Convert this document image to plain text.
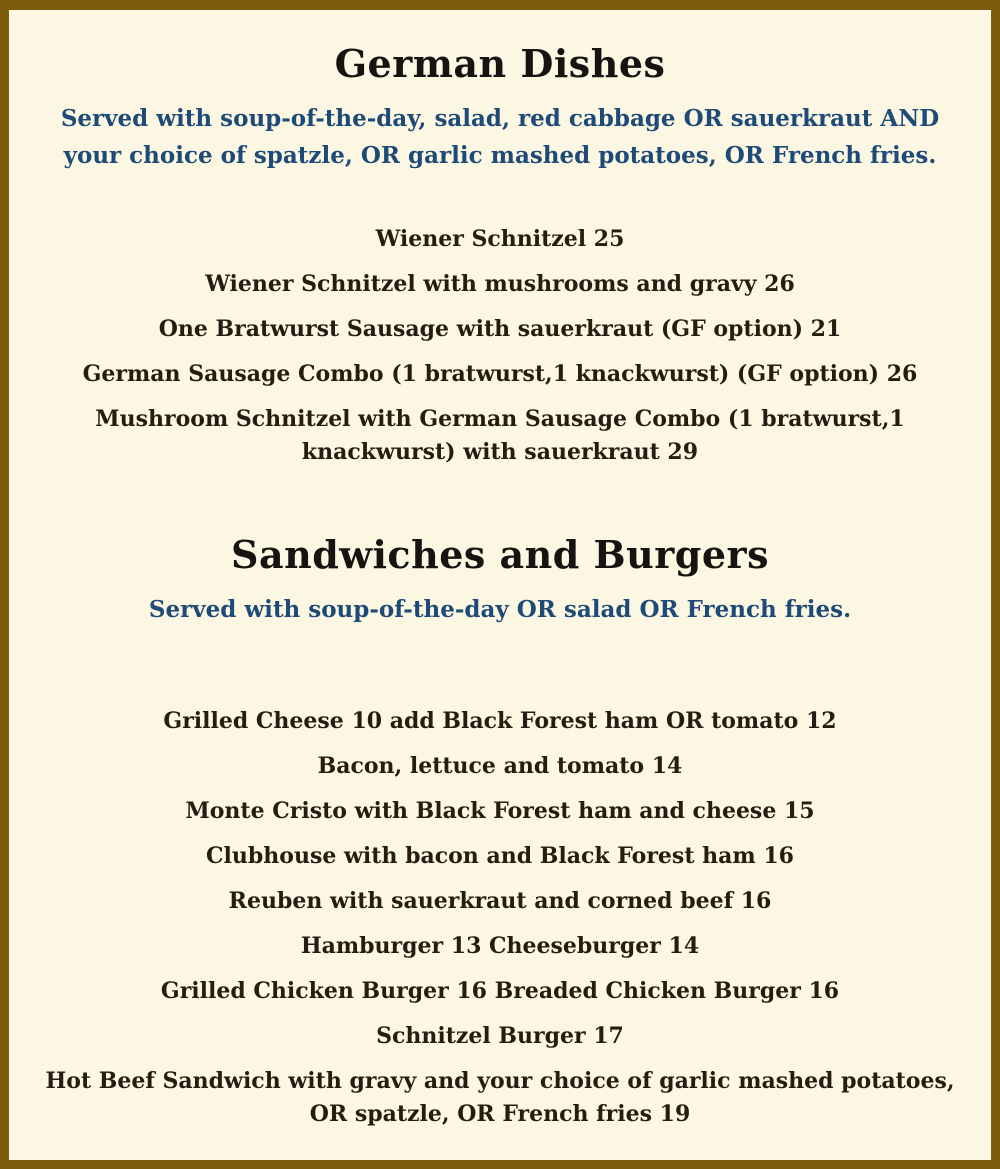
German Dishes

Served with soup-of-the-day, salad, red cabbage OR sauerkraut AND your choice of spatzle, OR garlic mashed potatoes, OR French fries.

Wiener Schnitzel 25

Wiener Schnitzel with mushrooms and gravy 26

One Bratwurst Sausage with sauerkraut (GF option) 21

German Sausage Combo (1 bratwurst,1 knackwurst) (GF option) 26

Mushroom Schnitzel with German Sausage Combo (1 bratwurst,1 knackwurst) with sauerkraut 29

Sandwiches and Burgers

Served with soup-of-the-day OR salad OR French fries.

Grilled Cheese 10 add Black Forest ham OR tomato 12

Bacon, lettuce and tomato 14

Monte Cristo with Black Forest ham and cheese 15

Clubhouse with bacon and Black Forest ham 16

Reuben with sauerkraut and corned beef 16

Hamburger 13 Cheeseburger 14

Grilled Chicken Burger 16 Breaded Chicken Burger 16

Schnitzel Burger 17

Hot Beef Sandwich with gravy and your choice of garlic mashed potatoes, OR spatzle, OR French fries 19
